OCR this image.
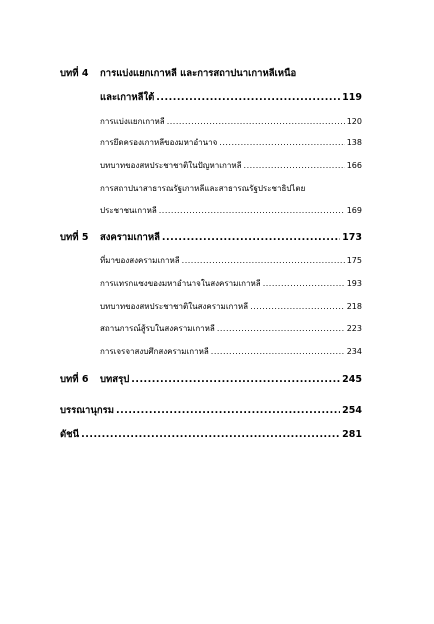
บทที่ 4	การแบ่งแยกเกาหลี และการสถาปนาเกาหลีเหนือ
และเกาหลีใต้ .....	119
การแบ่งแยกเกาหลี .....	120
การยึดครองเกาหลีของมหาอำนาจ .....	138
บทบาทของสหประชาชาติในปัญหาเกาหลี .....	166
การสถาปนาสาธารณรัฐเกาหลีและสาธารณรัฐประชาธิปไตย
ประชาชนเกาหลี .....	169
บทที่ 5	สงครามเกาหลี .....	173
ที่มาของสงครามเกาหลี .....	175
การแทรกแซงของมหาอำนาจในสงครามเกาหลี .....	193
บทบาทของสหประชาชาติในสงครามเกาหลี .....	218
สถานการณ์สู้รบในสงครามเกาหลี .....	223
การเจรจาสงบศึกสงครามเกาหลี .....	234
บทที่ 6	บทสรุป .....	245
บรรณานุกรม .....	254
ดัชนี .....	281
